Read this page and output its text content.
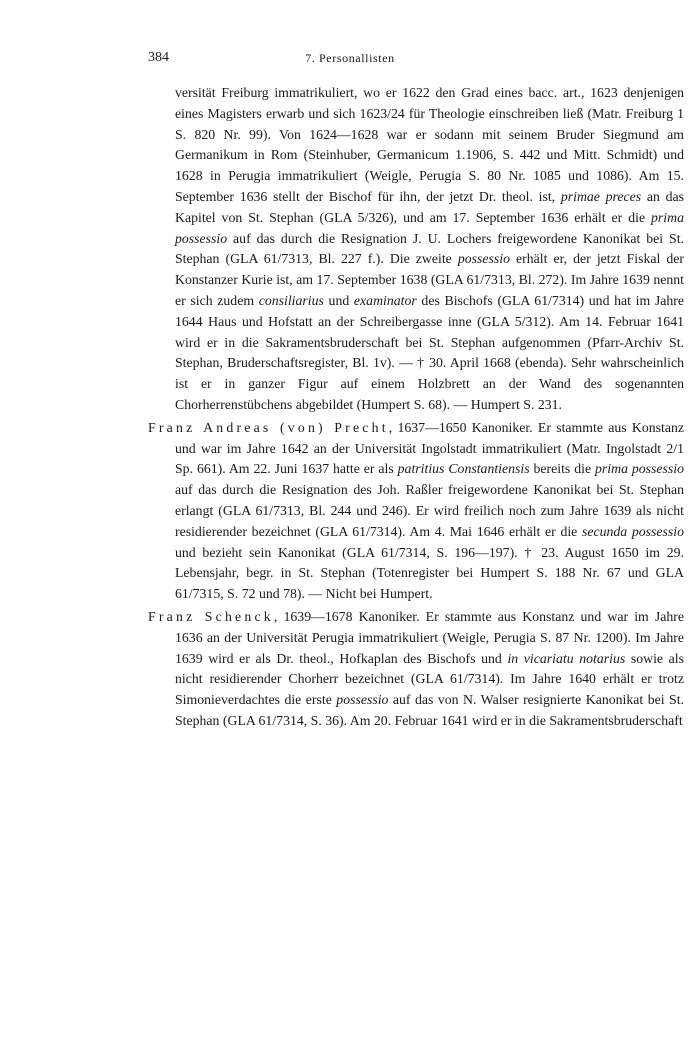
384	7. Personallisten

versität Freiburg immatrikuliert, wo er 1622 den Grad eines bacc. art., 1623 denjenigen eines Magisters erwarb und sich 1623/24 für Theologie einschreiben ließ (Matr. Freiburg 1 S. 820 Nr. 99). Von 1624—1628 war er sodann mit seinem Bruder Siegmund am Germanikum in Rom (Steinhuber, Germanicum 1.1906, S. 442 und Mitt. Schmidt) und 1628 in Perugia immatrikuliert (Weigle, Perugia S. 80 Nr. 1085 und 1086). Am 15. September 1636 stellt der Bischof für ihn, der jetzt Dr. theol. ist, primae preces an das Kapitel von St. Stephan (GLA 5/326), und am 17. September 1636 erhält er die prima possessio auf das durch die Resignation J. U. Lochers freigewordene Kanonikat bei St. Stephan (GLA 61/7313, Bl. 227 f.). Die zweite possessio erhält er, der jetzt Fiskal der Konstanzer Kurie ist, am 17. September 1638 (GLA 61/7313, Bl. 272). Im Jahre 1639 nennt er sich zudem consiliarius und examinator des Bischofs (GLA 61/7314) und hat im Jahre 1644 Haus und Hofstatt an der Schreibergasse inne (GLA 5/312). Am 14. Februar 1641 wird er in die Sakramentsbruderschaft bei St. Stephan aufgenommen (Pfarr-Archiv St. Stephan, Bruderschaftsregister, Bl. 1v). — † 30. April 1668 (ebenda). Sehr wahrscheinlich ist er in ganzer Figur auf einem Holzbrett an der Wand des sogenannten Chorherrenstübchens abgebildet (Humpert S. 68). — Humpert S. 231.

Franz Andreas (von) Precht, 1637—1650 Kanoniker. Er stammte aus Konstanz und war im Jahre 1642 an der Universität Ingolstadt immatrikuliert (Matr. Ingolstadt 2/1 Sp. 661). Am 22. Juni 1637 hatte er als patritius Constantiensis bereits die prima possessio auf das durch die Resignation des Joh. Raßler freigewordene Kanonikat bei St. Stephan erlangt (GLA 61/7313, Bl. 244 und 246). Er wird freilich noch zum Jahre 1639 als nicht residierender bezeichnet (GLA 61/7314). Am 4. Mai 1646 erhält er die secunda possessio und bezieht sein Kanonikat (GLA 61/7314, S. 196—197). † 23. August 1650 im 29. Lebensjahr, begr. in St. Stephan (Totenregister bei Humpert S. 188 Nr. 67 und GLA 61/7315, S. 72 und 78). — Nicht bei Humpert.

Franz Schenck, 1639—1678 Kanoniker. Er stammte aus Konstanz und war im Jahre 1636 an der Universität Perugia immatrikuliert (Weigle, Perugia S. 87 Nr. 1200). Im Jahre 1639 wird er als Dr. theol., Hofkaplan des Bischofs und in vicariatu notarius sowie als nicht residierender Chorherr bezeichnet (GLA 61/7314). Im Jahre 1640 erhält er trotz Simonieverdachtes die erste possessio auf das von N. Walser resignierte Kanonikat bei St. Stephan (GLA 61/7314, S. 36). Am 20. Februar 1641 wird er in die Sakramentsbruderschaft
